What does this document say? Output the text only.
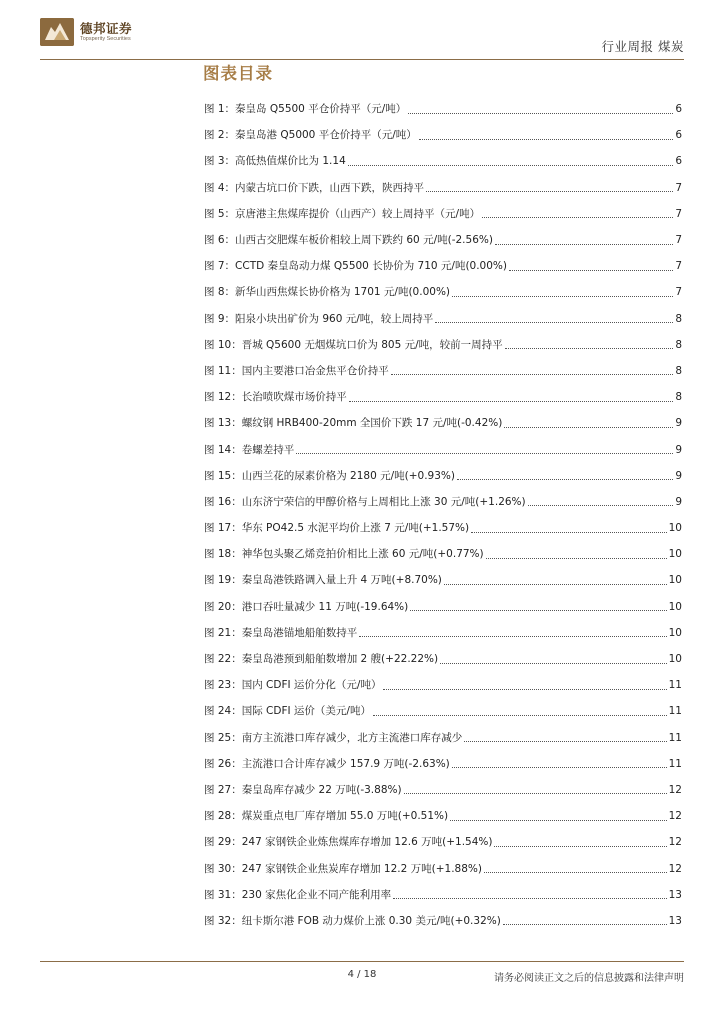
德邦证券
Topsperity Securities	行业周报 煤炭
图表目录
图 1 ： 秦皇岛 Q5500 平仓价持平（元/吨）	6
图 2 ： 秦皇岛港 Q5000 平仓价持平（元/吨）	6
图 3 ： 高低热值煤价比为 1.14	6
图 4 ： 内蒙古坑口价下跌，山西下跌，陕西持平	7
图 5 ： 京唐港主焦煤库提价（山西产）较上周持平（元/吨）	7
图 6 ： 山西古交肥煤车板价相较上周下跌约 60 元/吨(-2.56%)	7
图 7 ： CCTD 秦皇岛动力煤 Q5500 长协价为 710 元/吨(0.00%)	7
图 8 ： 新华山西焦煤长协价格为 1701 元/吨(0.00%)	7
图 9 ： 阳泉小块出矿价为 960 元/吨，较上周持平	8
图 10 ： 晋城 Q5600 无烟煤坑口价为 805 元/吨，较前一周持平	8
图 11 ： 国内主要港口冶金焦平仓价持平	8
图 12 ： 长治喷吹煤市场价持平	8
图 13 ： 螺纹钢 HRB400-20mm 全国价下跌 17 元/吨(-0.42%)	9
图 14 ： 卷螺差持平	9
图 15 ： 山西兰花的尿素价格为 2180 元/吨(+0.93%)	9
图 16 ： 山东济宁荣信的甲醇价格与上周相比上涨 30 元/吨(+1.26%)	9
图 17 ： 华东 PO42.5 水泥平均价上涨 7 元/吨(+1.57%)	10
图 18 ： 神华包头聚乙烯竞拍价相比上涨 60 元/吨(+0.77%)	10
图 19 ： 秦皇岛港铁路调入量上升 4 万吨(+8.70%)	10
图 20 ： 港口吞吐量减少 11 万吨(-19.64%)	10
图 21 ： 秦皇岛港锚地船舶数持平	10
图 22 ： 秦皇岛港预到船舶数增加 2 艘(+22.22%)	10
图 23 ： 国内 CDFI 运价分化（元/吨）	11
图 24 ： 国际 CDFI 运价（美元/吨）	11
图 25 ： 南方主流港口库存减少，北方主流港口库存减少	11
图 26 ： 主流港口合计库存减少 157.9 万吨(-2.63%)	11
图 27 ： 秦皇岛库存减少 22 万吨(-3.88%)	12
图 28 ： 煤炭重点电厂库存增加 55.0 万吨(+0.51%)	12
图 29 ： 247 家钢铁企业炼焦煤库存增加 12.6 万吨(+1.54%)	12
图 30 ： 247 家钢铁企业焦炭库存增加 12.2 万吨(+1.88%)	12
图 31 ： 230 家焦化企业不同产能利用率	13
图 32 ： 纽卡斯尔港 FOB 动力煤价上涨 0.30 美元/吨(+0.32%)	13
4 / 18	请务必阅读正文之后的信息披露和法律声明
